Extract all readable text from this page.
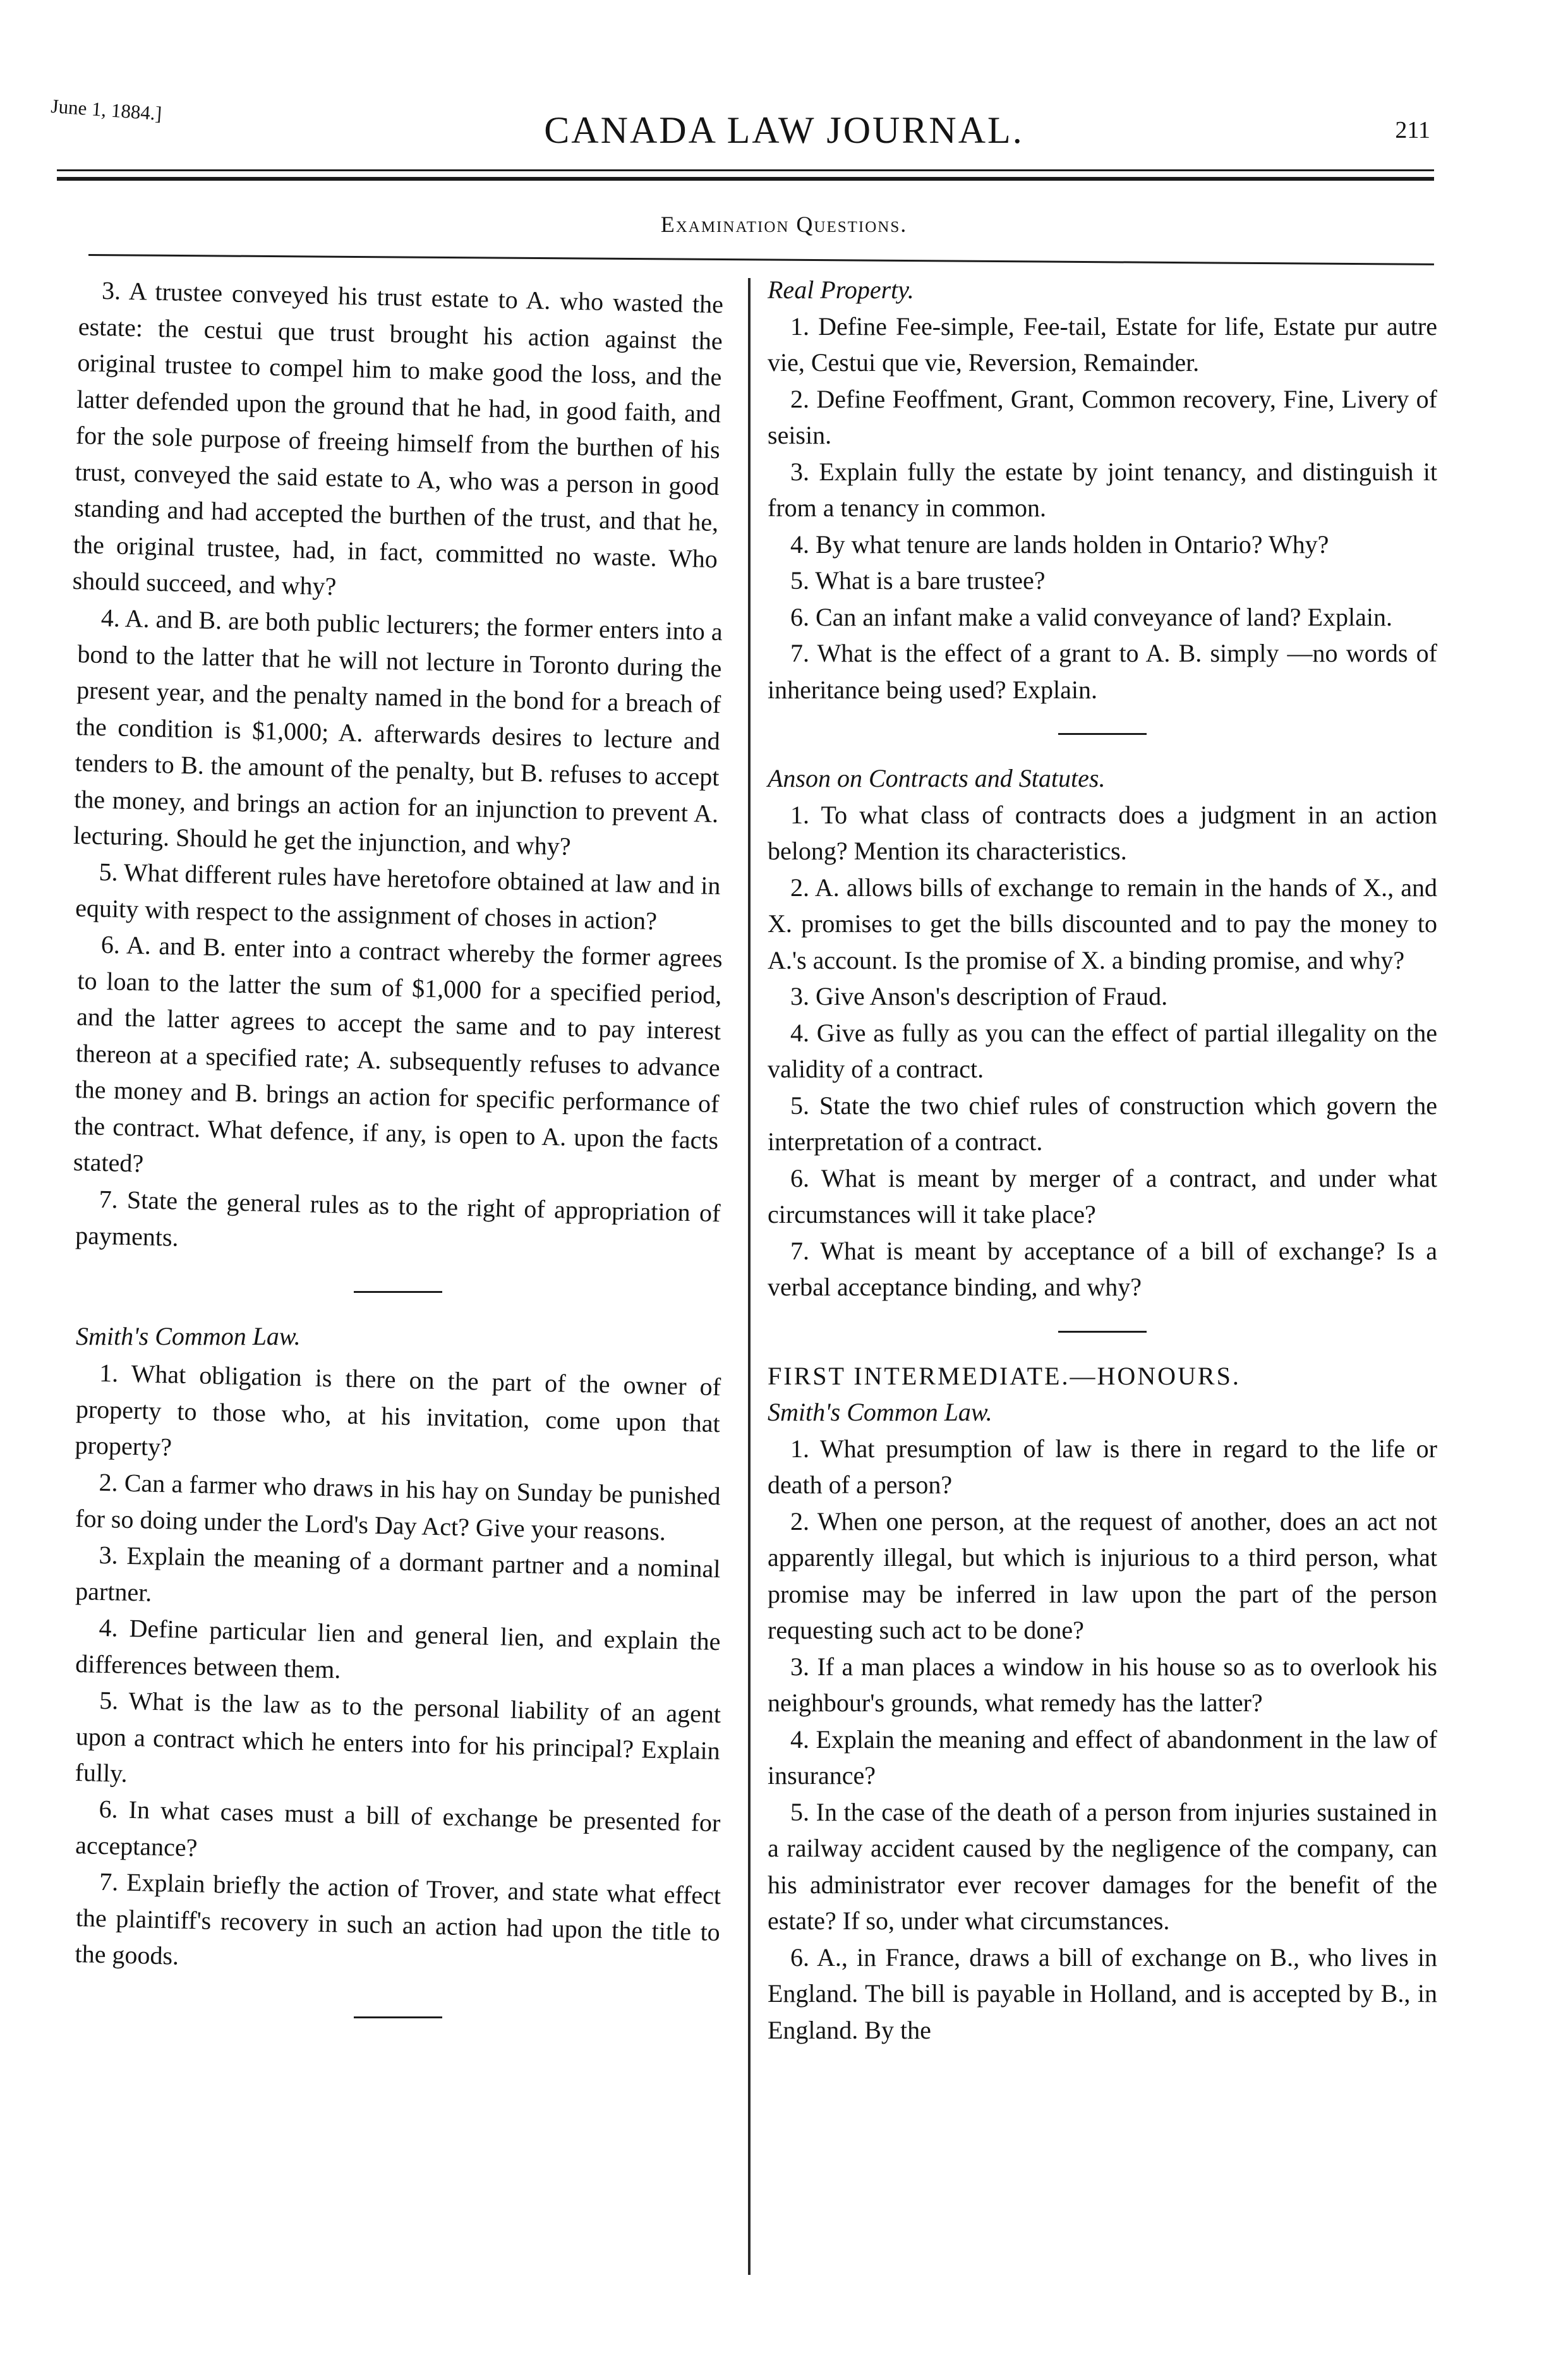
June 1, 1884.]	CANADA LAW JOURNAL.	211
Examination Questions.

3. A trustee conveyed his trust estate to A. who wasted the estate: the cestui que trust brought his action against the original trustee to compel him to make good the loss, and the latter defended upon the ground that he had, in good faith, and for the sole purpose of freeing himself from the burthen of his trust, conveyed the said estate to A, who was a person in good standing and had accepted the burthen of the trust, and that he, the original trustee, had, in fact, committed no waste. Who should succeed, and why?

4. A. and B. are both public lecturers; the former enters into a bond to the latter that he will not lecture in Toronto during the present year, and the penalty named in the bond for a breach of the condition is $1,000; A. afterwards desires to lecture and tenders to B. the amount of the penalty, but B. refuses to accept the money, and brings an action for an injunction to prevent A. lecturing. Should he get the injunction, and why?

5. What different rules have heretofore obtained at law and in equity with respect to the assignment of choses in action?

6. A. and B. enter into a contract whereby the former agrees to loan to the latter the sum of $1,000 for a specified period, and the latter agrees to accept the same and to pay interest thereon at a specified rate; A. subsequently refuses to advance the money and B. brings an action for specific performance of the contract. What defence, if any, is open to A. upon the facts stated?

7. State the general rules as to the right of appropriation of payments.

Smith's Common Law.

1. What obligation is there on the part of the owner of property to those who, at his invitation, come upon that property?

2. Can a farmer who draws in his hay on Sunday be punished for so doing under the Lord's Day Act? Give your reasons.

3. Explain the meaning of a dormant partner and a nominal partner.

4. Define particular lien and general lien, and explain the differences between them.

5. What is the law as to the personal liability of an agent upon a contract which he enters into for his principal? Explain fully.

6. In what cases must a bill of exchange be presented for acceptance?

7. Explain briefly the action of Trover, and state what effect the plaintiff's recovery in such an action had upon the title to the goods.

Real Property.

1. Define Fee-simple, Fee-tail, Estate for life, Estate pur autre vie, Cestui que vie, Reversion, Remainder.

2. Define Feoffment, Grant, Common recovery, Fine, Livery of seisin.

3. Explain fully the estate by joint tenancy, and distinguish it from a tenancy in common.

4. By what tenure are lands holden in Ontario? Why?

5. What is a bare trustee?

6. Can an infant make a valid conveyance of land? Explain.

7. What is the effect of a grant to A. B. simply —no words of inheritance being used? Explain.

Anson on Contracts and Statutes.

1. To what class of contracts does a judgment in an action belong? Mention its characteristics.

2. A. allows bills of exchange to remain in the hands of X., and X. promises to get the bills discounted and to pay the money to A.'s account. Is the promise of X. a binding promise, and why?

3. Give Anson's description of Fraud.

4. Give as fully as you can the effect of partial illegality on the validity of a contract.

5. State the two chief rules of construction which govern the interpretation of a contract.

6. What is meant by merger of a contract, and under what circumstances will it take place?

7. What is meant by acceptance of a bill of exchange? Is a verbal acceptance binding, and why?

FIRST INTERMEDIATE.—HONOURS.

Smith's Common Law.

1. What presumption of law is there in regard to the life or death of a person?

2. When one person, at the request of another, does an act not apparently illegal, but which is injurious to a third person, what promise may be inferred in law upon the part of the person requesting such act to be done?

3. If a man places a window in his house so as to overlook his neighbour's grounds, what remedy has the latter?

4. Explain the meaning and effect of abandonment in the law of insurance?

5. In the case of the death of a person from injuries sustained in a railway accident caused by the negligence of the company, can his administrator ever recover damages for the benefit of the estate? If so, under what circumstances.

6. A., in France, draws a bill of exchange on B., who lives in England. The bill is payable in Holland, and is accepted by B., in England. By the
